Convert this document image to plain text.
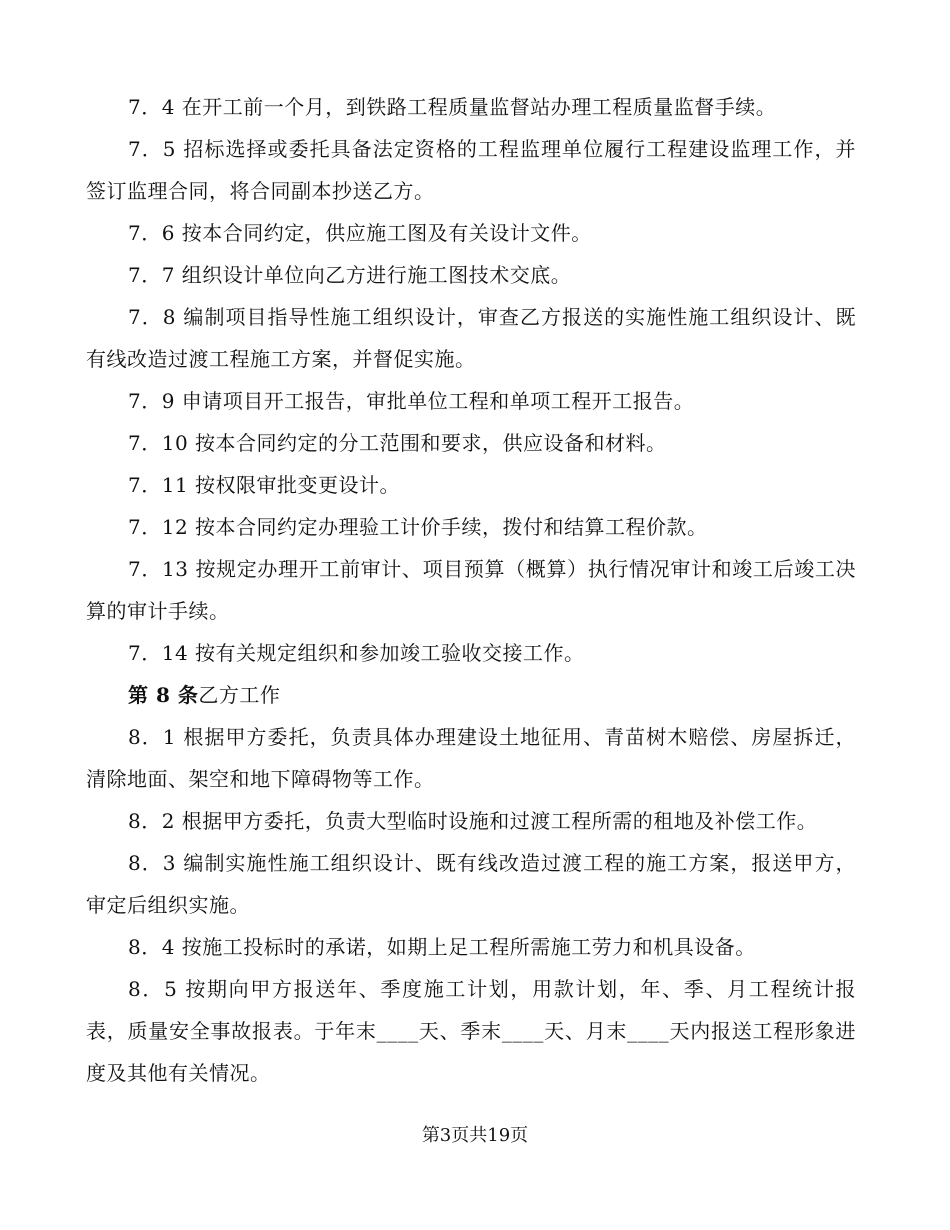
7．4 在开工前一个月，到铁路工程质量监督站办理工程质量监督手续。

7．5 招标选择或委托具备法定资格的工程监理单位履行工程建设监理工作，并签订监理合同，将合同副本抄送乙方。

7．6 按本合同约定，供应施工图及有关设计文件。

7．7 组织设计单位向乙方进行施工图技术交底。

7．8 编制项目指导性施工组织设计，审查乙方报送的实施性施工组织设计、既有线改造过渡工程施工方案，并督促实施。

7．9 申请项目开工报告，审批单位工程和单项工程开工报告。

7．10 按本合同约定的分工范围和要求，供应设备和材料。

7．11 按权限审批变更设计。

7．12 按本合同约定办理验工计价手续，拨付和结算工程价款。

7．13 按规定办理开工前审计、项目预算（概算）执行情况审计和竣工后竣工决算的审计手续。

7．14 按有关规定组织和参加竣工验收交接工作。

第 8 条乙方工作

8．1 根据甲方委托，负责具体办理建设土地征用、青苗树木赔偿、房屋拆迁，清除地面、架空和地下障碍物等工作。

8．2 根据甲方委托，负责大型临时设施和过渡工程所需的租地及补偿工作。

8．3 编制实施性施工组织设计、既有线改造过渡工程的施工方案，报送甲方，审定后组织实施。

8．4 按施工投标时的承诺，如期上足工程所需施工劳力和机具设备。

8．5 按期向甲方报送年、季度施工计划，用款计划，年、季、月工程统计报表，质量安全事故报表。于年末____天、季末____天、月末____天内报送工程形象进度及其他有关情况。

第3页共19页
